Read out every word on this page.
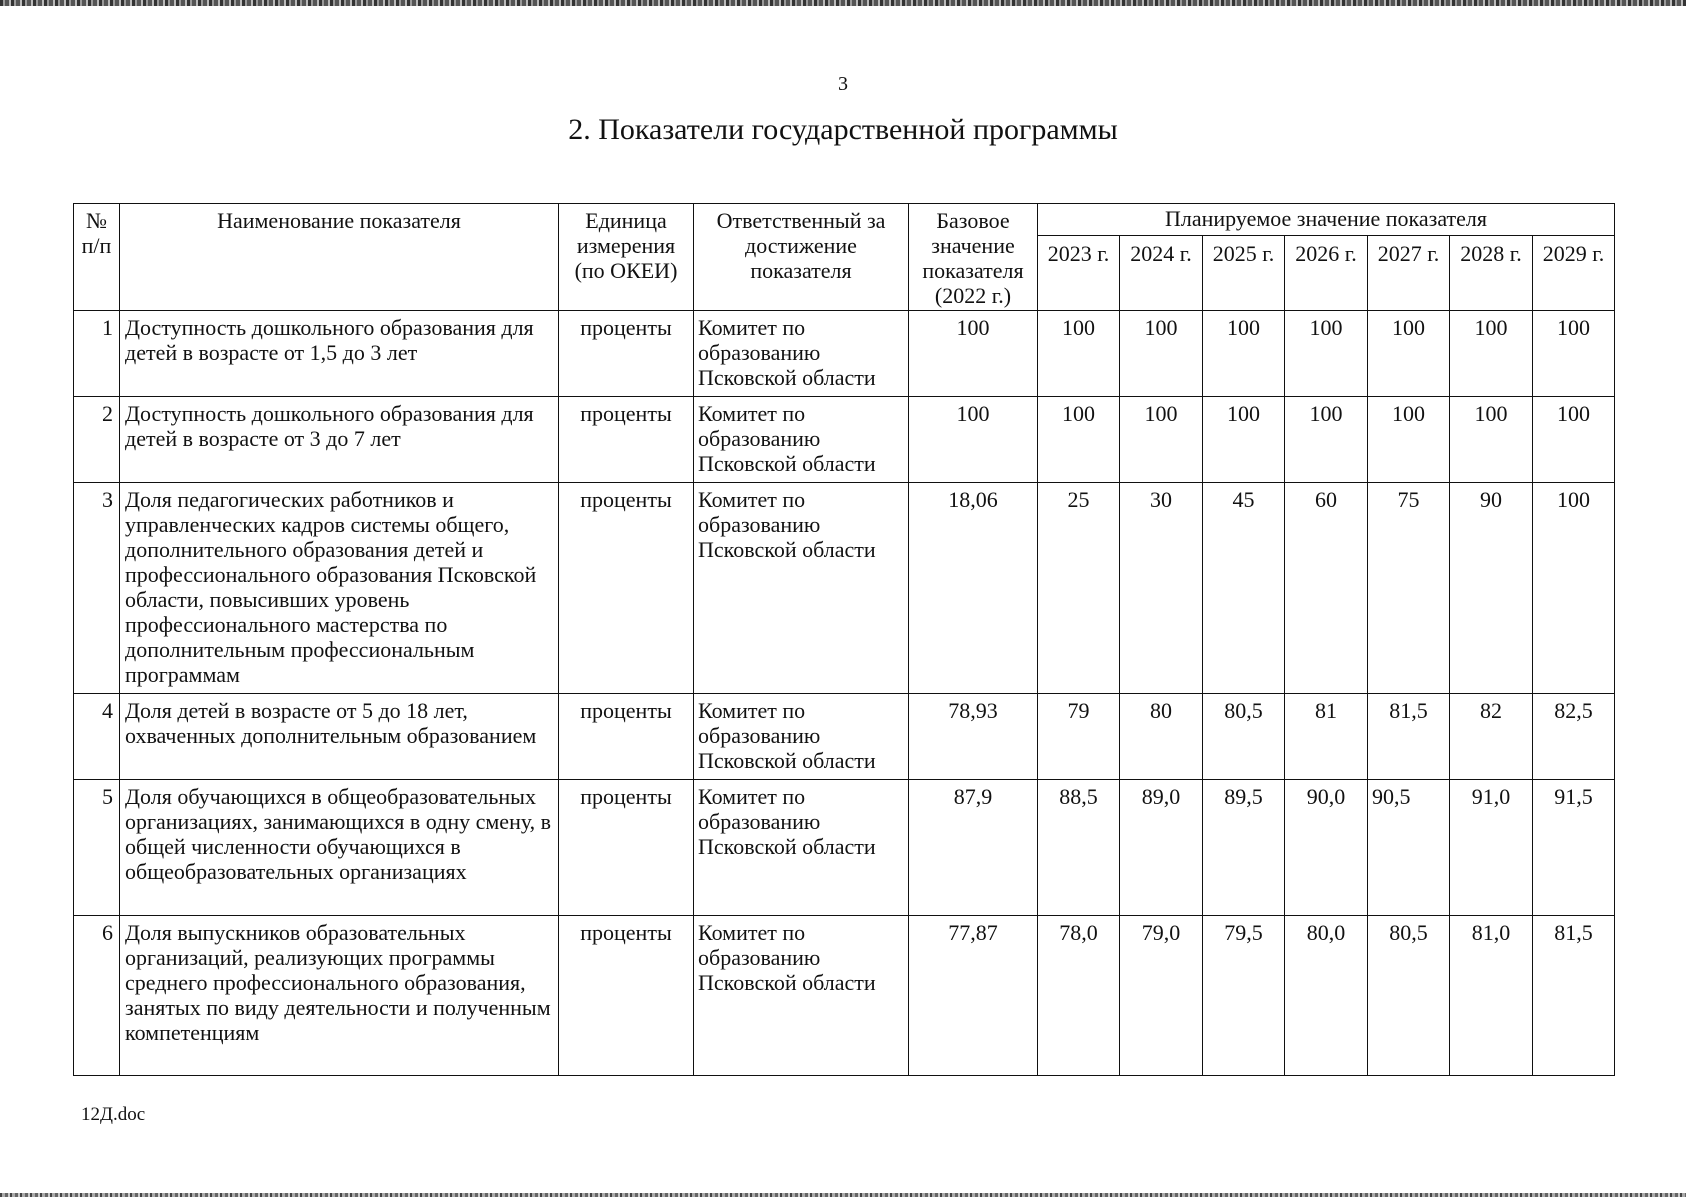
3
2. Показатели государственной программы
№ п/п	Наименование показателя	Единица измерения (по ОКЕИ)	Ответственный за достижение показателя	Базовое значение показателя (2022 г.)	Планируемое значение показателя						
					2023 г.	2024 г.	2025 г.	2026 г.	2027 г.	2028 г.	2029 г.
1	Доступность дошкольного образования для детей в возрасте от 1,5 до 3 лет	проценты	Комитет по образованию Псковской области	100	100	100	100	100	100	100	100
2	Доступность дошкольного образования для детей в возрасте от 3 до 7 лет	проценты	Комитет по образованию Псковской области	100	100	100	100	100	100	100	100
3	Доля педагогических работников и управленческих кадров системы общего, дополнительного образования детей и профессионального образования Псковской области, повысивших уровень профессионального мастерства по дополнительным профессиональным программам	проценты	Комитет по образованию Псковской области	18,06	25	30	45	60	75	90	100
4	Доля детей в возрасте от 5 до 18 лет, охваченных дополнительным образованием	проценты	Комитет по образованию Псковской области	78,93	79	80	80,5	81	81,5	82	82,5
5	Доля обучающихся в общеобразовательных организациях, занимающихся в одну смену, в общей численности обучающихся в общеобразовательных организациях	проценты	Комитет по образованию Псковской области	87,9	88,5	89,0	89,5	90,0	90,5	91,0	91,5
6	Доля выпускников образовательных организаций, реализующих программы среднего профессионального образования, занятых по виду деятельности и полученным компетенциям	проценты	Комитет по образованию Псковской области	77,87	78,0	79,0	79,5	80,0	80,5	81,0	81,5
12Д.doc
